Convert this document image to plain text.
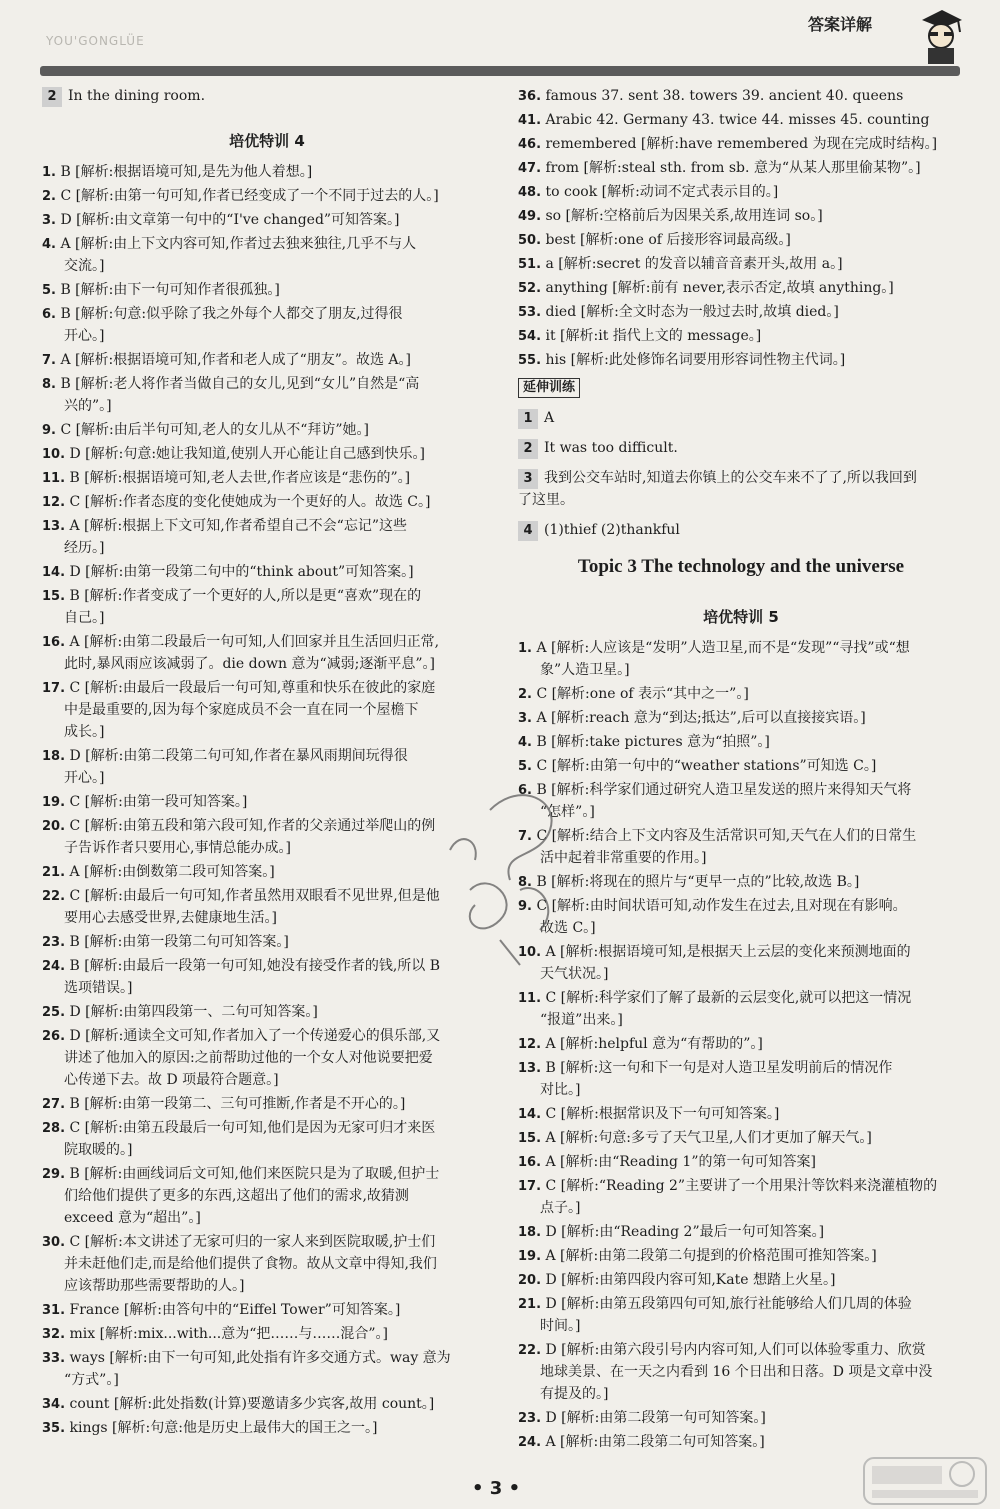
YOU'GONGLÜE
答案详解
2 In the dining room.
培优特训 4
1. B [解析:根据语境可知,是先为他人着想。]
2. C [解析:由第一句可知,作者已经变成了一个不同于过去的人。]
3. D [解析:由文章第一句中的“I've changed”可知答案。]
4. A [解析:由上下文内容可知,作者过去独来独往,几乎不与人
交流。]
5. B [解析:由下一句可知作者很孤独。]
6. B [解析:句意:似乎除了我之外每个人都交了朋友,过得很
开心。]
7. A [解析:根据语境可知,作者和老人成了“朋友”。故选 A。]
8. B [解析:老人将作者当做自己的女儿,见到“女儿”自然是“高
兴的”。]
9. C [解析:由后半句可知,老人的女儿从不“拜访”她。]
10. D [解析:句意:她让我知道,使别人开心能让自己感到快乐。]
11. B [解析:根据语境可知,老人去世,作者应该是“悲伤的”。]
12. C [解析:作者态度的变化使她成为一个更好的人。故选 C。]
13. A [解析:根据上下文可知,作者希望自己不会“忘记”这些
经历。]
14. D [解析:由第一段第二句中的“think about”可知答案。]
15. B [解析:作者变成了一个更好的人,所以是更“喜欢”现在的
自己。]
16. A [解析:由第二段最后一句可知,人们回家并且生活回归正常,
此时,暴风雨应该减弱了。die down 意为“减弱;逐渐平息”。]
17. C [解析:由最后一段最后一句可知,尊重和快乐在彼此的家庭
中是最重要的,因为每个家庭成员不会一直在同一个屋檐下
成长。]
18. D [解析:由第二段第二句可知,作者在暴风雨期间玩得很
开心。]
19. C [解析:由第一段可知答案。]
20. C [解析:由第五段和第六段可知,作者的父亲通过举爬山的例
子告诉作者只要用心,事情总能办成。]
21. A [解析:由倒数第二段可知答案。]
22. C [解析:由最后一句可知,作者虽然用双眼看不见世界,但是他
要用心去感受世界,去健康地生活。]
23. B [解析:由第一段第二句可知答案。]
24. B [解析:由最后一段第一句可知,她没有接受作者的钱,所以 B
选项错误。]
25. D [解析:由第四段第一、二句可知答案。]
26. D [解析:通读全文可知,作者加入了一个传递爱心的俱乐部,又
讲述了他加入的原因:之前帮助过他的一个女人对他说要把爱
心传递下去。故 D 项最符合题意。]
27. B [解析:由第一段第二、三句可推断,作者是不开心的。]
28. C [解析:由第五段最后一句可知,他们是因为无家可归才来医
院取暖的。]
29. B [解析:由画线词后文可知,他们来医院只是为了取暖,但护士
们给他们提供了更多的东西,这超出了他们的需求,故猜测
exceed 意为“超出”。]
30. C [解析:本文讲述了无家可归的一家人来到医院取暖,护士们
并未赶他们走,而是给他们提供了食物。故从文章中得知,我们
应该帮助那些需要帮助的人。]
31. France [解析:由答句中的“Eiffel Tower”可知答案。]
32. mix [解析:mix...with...意为“把……与……混合”。]
33. ways [解析:由下一句可知,此处指有许多交通方式。way 意为
“方式”。]
34. count [解析:此处指数(计算)要邀请多少宾客,故用 count。]
35. kings [解析:句意:他是历史上最伟大的国王之一。]
36. famous 37. sent 38. towers 39. ancient 40. queens
41. Arabic 42. Germany 43. twice 44. misses 45. counting
46. remembered [解析:have remembered 为现在完成时结构。]
47. from [解析:steal sth. from sb. 意为“从某人那里偷某物”。]
48. to cook [解析:动词不定式表示目的。]
49. so [解析:空格前后为因果关系,故用连词 so。]
50. best [解析:one of 后接形容词最高级。]
51. a [解析:secret 的发音以辅音音素开头,故用 a。]
52. anything [解析:前有 never,表示否定,故填 anything。]
53. died [解析:全文时态为一般过去时,故填 died。]
54. it [解析:it 指代上文的 message。]
55. his [解析:此处修饰名词要用形容词性物主代词。]
延伸训练
1 A
2 It was too difficult.
3 我到公交车站时,知道去你镇上的公交车来不了了,所以我回到
了这里。
4 (1)thief (2)thankful
Topic 3 The technology and the universe
培优特训 5
1. A [解析:人应该是“发明”人造卫星,而不是“发现”“寻找”或“想
象”人造卫星。]
2. C [解析:one of 表示“其中之一”。]
3. A [解析:reach 意为“到达;抵达”,后可以直接接宾语。]
4. B [解析:take pictures 意为“拍照”。]
5. C [解析:由第一句中的“weather stations”可知选 C。]
6. B [解析:科学家们通过研究人造卫星发送的照片来得知天气将
“怎样”。]
7. C [解析:结合上下文内容及生活常识可知,天气在人们的日常生
活中起着非常重要的作用。]
8. B [解析:将现在的照片与“更早一点的”比较,故选 B。]
9. C [解析:由时间状语可知,动作发生在过去,且对现在有影响。
故选 C。]
10. A [解析:根据语境可知,是根据天上云层的变化来预测地面的
天气状况。]
11. C [解析:科学家们了解了最新的云层变化,就可以把这一情况
“报道”出来。]
12. A [解析:helpful 意为“有帮助的”。]
13. B [解析:这一句和下一句是对人造卫星发明前后的情况作
对比。]
14. C [解析:根据常识及下一句可知答案。]
15. A [解析:句意:多亏了天气卫星,人们才更加了解天气。]
16. A [解析:由“Reading 1”的第一句可知答案]
17. C [解析:“Reading 2”主要讲了一个用果汁等饮料来浇灌植物的
点子。]
18. D [解析:由“Reading 2”最后一句可知答案。]
19. A [解析:由第二段第二句提到的价格范围可推知答案。]
20. D [解析:由第四段内容可知,Kate 想踏上火星。]
21. D [解析:由第五段第四句可知,旅行社能够给人们几周的体验
时间。]
22. D [解析:由第六段引号内内容可知,人们可以体验零重力、欣赏
地球美景、在一天之内看到 16 个日出和日落。D 项是文章中没
有提及的。]
23. D [解析:由第二段第一句可知答案。]
24. A [解析:由第二段第二句可知答案。]
• 3 •
